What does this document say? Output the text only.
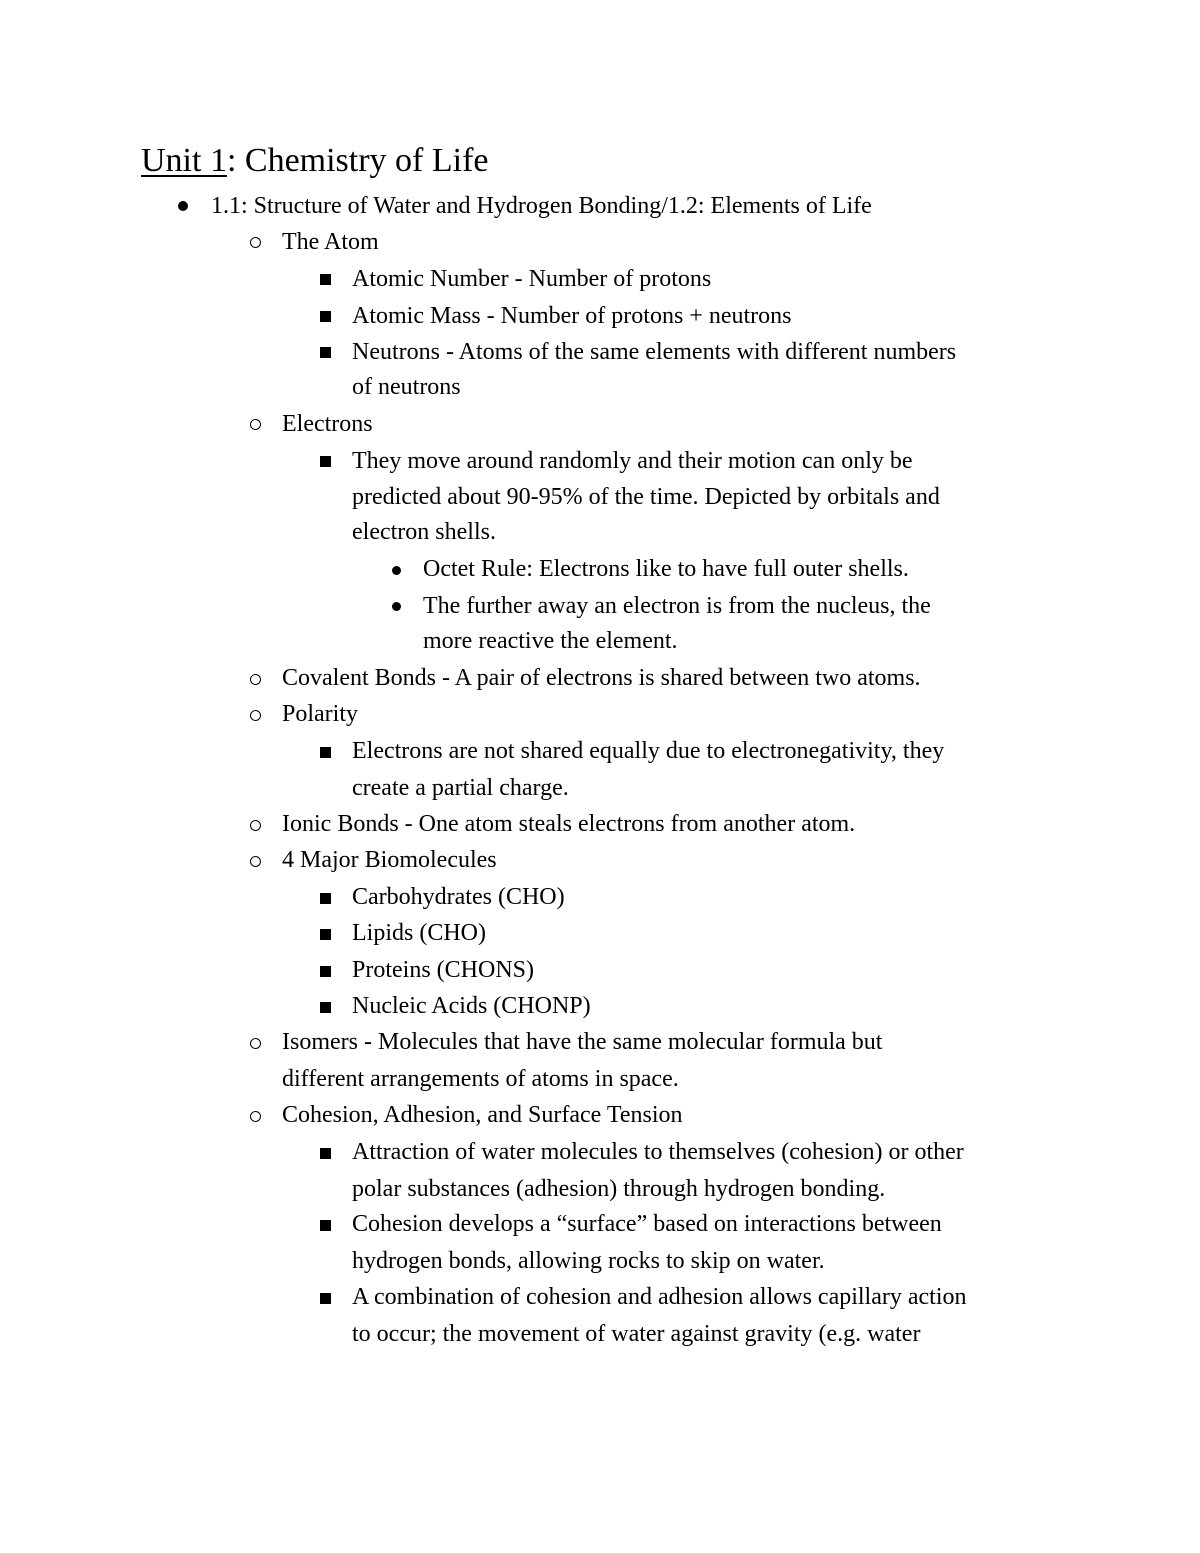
Unit 1: Chemistry of Life
1.1: Structure of Water and Hydrogen Bonding/1.2: Elements of Life
The Atom
Atomic Number - Number of protons
Atomic Mass - Number of protons + neutrons
Neutrons - Atoms of the same elements with different numbers
of neutrons
Electrons
They move around randomly and their motion can only be
predicted about 90-95% of the time. Depicted by orbitals and
electron shells.
Octet Rule: Electrons like to have full outer shells.
The further away an electron is from the nucleus, the
more reactive the element.
Covalent Bonds - A pair of electrons is shared between two atoms.
Polarity
Electrons are not shared equally due to electronegativity, they
create a partial charge.
Ionic Bonds - One atom steals electrons from another atom.
4 Major Biomolecules
Carbohydrates (CHO)
Lipids (CHO)
Proteins (CHONS)
Nucleic Acids (CHONP)
Isomers - Molecules that have the same molecular formula but
different arrangements of atoms in space.
Cohesion, Adhesion, and Surface Tension
Attraction of water molecules to themselves (cohesion) or other
polar substances (adhesion) through hydrogen bonding.
Cohesion develops a “surface” based on interactions between
hydrogen bonds, allowing rocks to skip on water.
A combination of cohesion and adhesion allows capillary action
to occur; the movement of water against gravity (e.g. water
